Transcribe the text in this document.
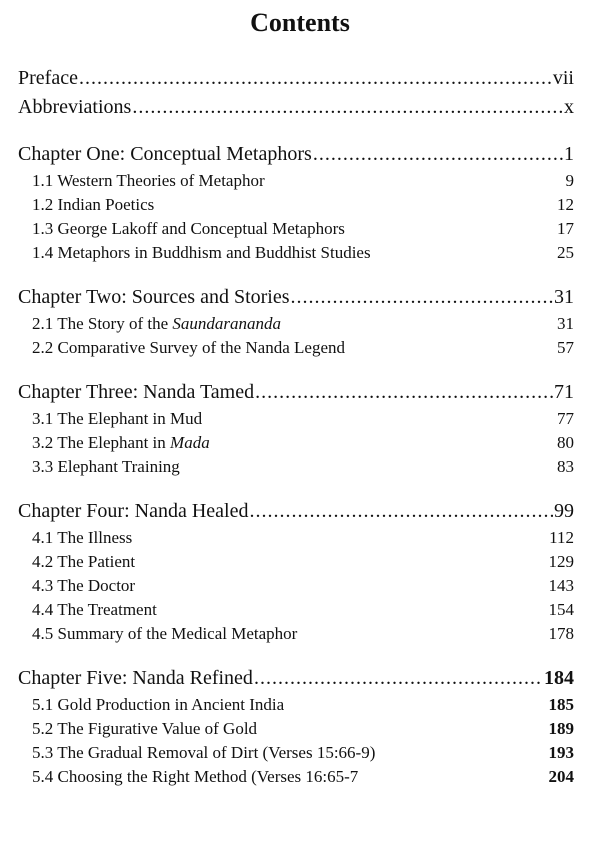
Contents
Preface .....	vii
Abbreviations .....	x
Chapter One: Conceptual Metaphors .....	1
1.1 Western Theories of Metaphor	9
1.2 Indian Poetics	12
1.3 George Lakoff and Conceptual Metaphors	17
1.4 Metaphors in Buddhism and Buddhist Studies	25
Chapter Two: Sources and Stories .....	31
2.1 The Story of the Saundarananda	31
2.2 Comparative Survey of the Nanda Legend	57
Chapter Three: Nanda Tamed .....	71
3.1 The Elephant in Mud	77
3.2 The Elephant in Mada	80
3.3 Elephant Training	83
Chapter Four: Nanda Healed .....	99
4.1 The Illness	112
4.2 The Patient	129
4.3 The Doctor	143
4.4 The Treatment	154
4.5 Summary of the Medical Metaphor	178
Chapter Five: Nanda Refined .....	184
5.1 Gold Production in Ancient India	185
5.2 The Figurative Value of Gold	189
5.3 The Gradual Removal of Dirt (Verses 15:66-9)	193
5.4 Choosing the Right Method (Verses 16:65-7	204
